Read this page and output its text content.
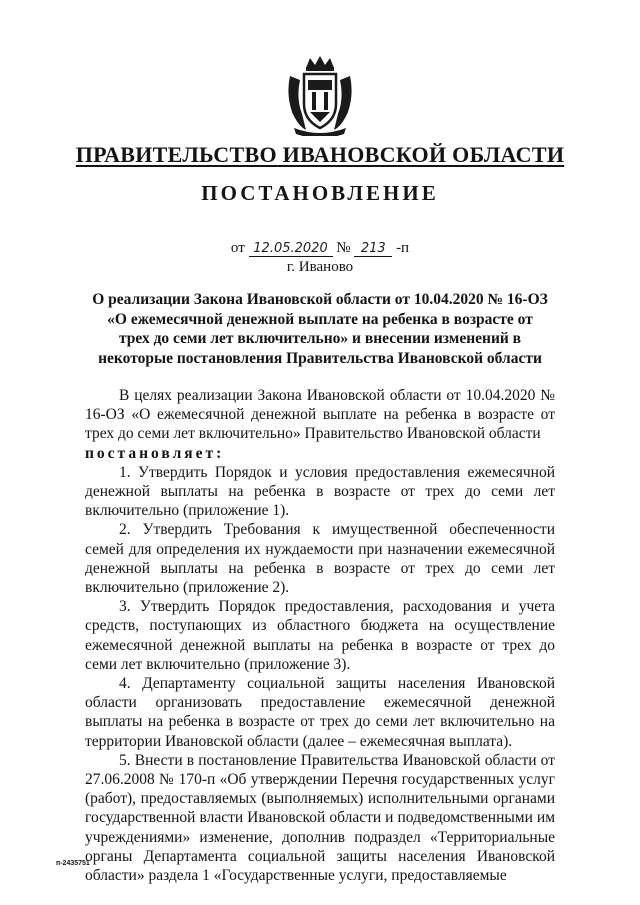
ПРАВИТЕЛЬСТВО ИВАНОВСКОЙ ОБЛАСТИ
ПОСТАНОВЛЕНИЕ
от 12.05.2020 № 213 -п
г. Иваново
О реализации Закона Ивановской области от 10.04.2020 № 16-ОЗ «О ежемесячной денежной выплате на ребенка в возрасте от трех до семи лет включительно» и внесении изменений в некоторые постановления Правительства Ивановской области

В целях реализации Закона Ивановской области от 10.04.2020 № 16-ОЗ «О ежемесячной денежной выплате на ребенка в возрасте от трех до семи лет включительно» Правительство Ивановской области
постановляет:

1. Утвердить Порядок и условия предоставления ежемесячной денежной выплаты на ребенка в возрасте от трех до семи лет включительно (приложение 1).

2. Утвердить Требования к имущественной обеспеченности семей для определения их нуждаемости при назначении ежемесячной денежной выплаты на ребенка в возрасте от трех до семи лет включительно (приложение 2).

3. Утвердить Порядок предоставления, расходования и учета средств, поступающих из областного бюджета на осуществление ежемесячной денежной выплаты на ребенка в возрасте от трех до семи лет включительно (приложение 3).

4. Департаменту социальной защиты населения Ивановской области организовать предоставление ежемесячной денежной выплаты на ребенка в возрасте от трех до семи лет включительно на территории Ивановской области (далее – ежемесячная выплата).

5. Внести в постановление Правительства Ивановской области от 27.06.2008 № 170-п «Об утверждении Перечня государственных услуг (работ), предоставляемых (выполняемых) исполнительными органами государственной власти Ивановской области и подведомственными им учреждениями» изменение, дополнив подраздел «Территориальные органы Департамента социальной защиты населения Ивановской области» раздела 1 «Государственные услуги, предоставляемые

п-2435751
